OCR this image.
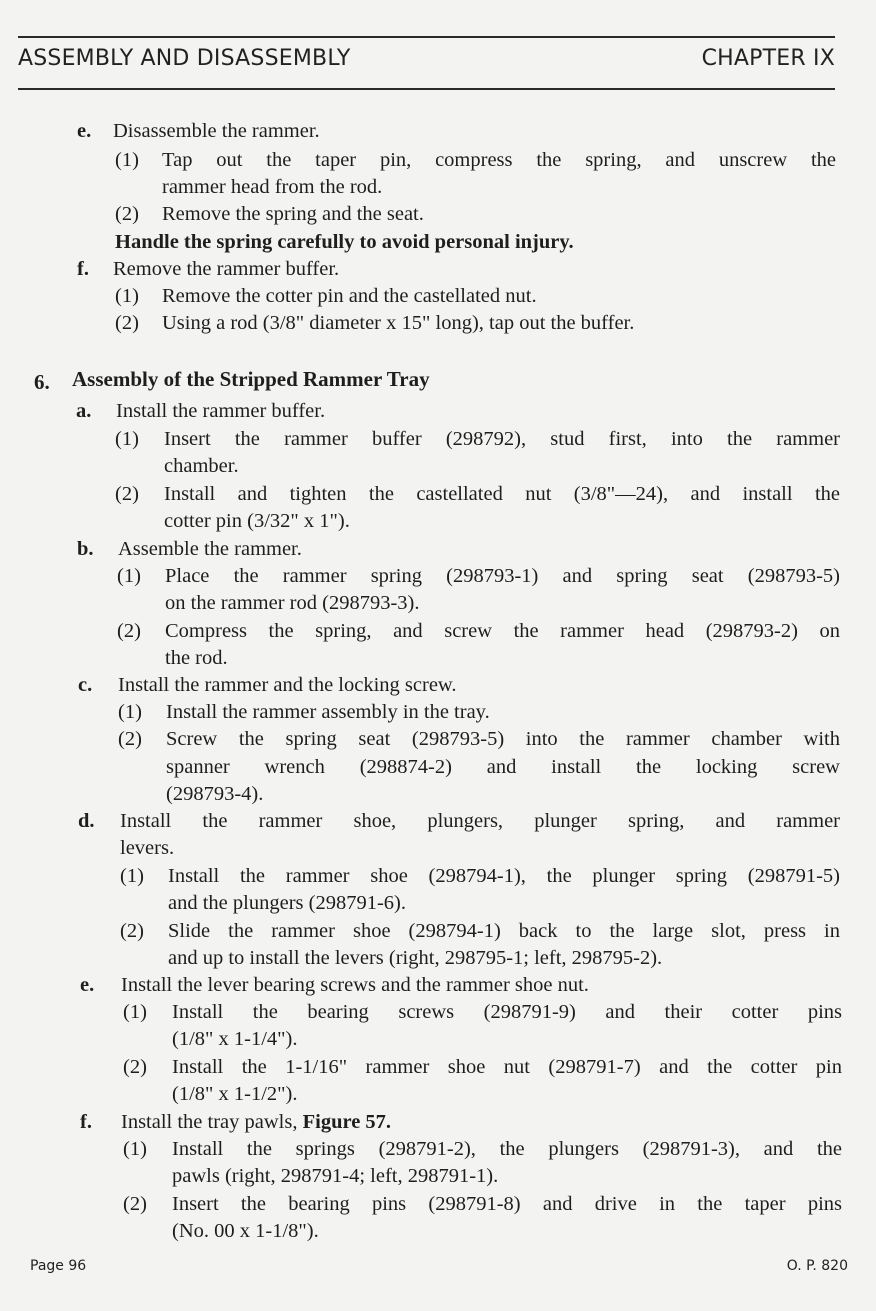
ASSEMBLY AND DISASSEMBLY	CHAPTER IX
e. Disassemble the rammer.
(1) Tap out the taper pin, compress the spring, and unscrew the
rammer head from the rod.
(2) Remove the spring and the seat.
Handle the spring carefully to avoid personal injury.
f. Remove the rammer buffer.
(1) Remove the cotter pin and the castellated nut.
(2) Using a rod (3/8" diameter x 15" long), tap out the buffer.
6. Assembly of the Stripped Rammer Tray
a. Install the rammer buffer.
(1) Insert the rammer buffer (298792), stud first, into the rammer
chamber.
(2) Install and tighten the castellated nut (3/8"—24), and install the
cotter pin (3/32" x 1").
b. Assemble the rammer.
(1) Place the rammer spring (298793-1) and spring seat (298793-5)
on the rammer rod (298793-3).
(2) Compress the spring, and screw the rammer head (298793-2) on
the rod.
c. Install the rammer and the locking screw.
(1) Install the rammer assembly in the tray.
(2) Screw the spring seat (298793-5) into the rammer chamber with
spanner wrench (298874-2) and install the locking screw
(298793-4).
d. Install the rammer shoe, plungers, plunger spring, and rammer
levers.
(1) Install the rammer shoe (298794-1), the plunger spring (298791-5)
and the plungers (298791-6).
(2) Slide the rammer shoe (298794-1) back to the large slot, press in
and up to install the levers (right, 298795-1; left, 298795-2).
e. Install the lever bearing screws and the rammer shoe nut.
(1) Install the bearing screws (298791-9) and their cotter pins
(1/8" x 1-1/4").
(2) Install the 1-1/16" rammer shoe nut (298791-7) and the cotter pin
(1/8" x 1-1/2").
f. Install the tray pawls, Figure 57.
(1) Install the springs (298791-2), the plungers (298791-3), and the
pawls (right, 298791-4; left, 298791-1).
(2) Insert the bearing pins (298791-8) and drive in the taper pins
(No. 00 x 1-1/8").
Page 96	O. P. 820
